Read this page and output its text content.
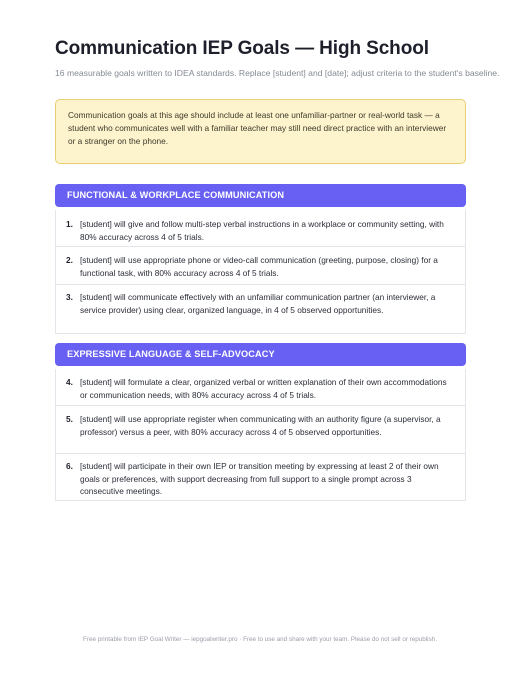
Communication IEP Goals — High School
16 measurable goals written to IDEA standards. Replace [student] and [date]; adjust criteria to the student's baseline.
Communication goals at this age should include at least one unfamiliar-partner or real-world task — a student who communicates well with a familiar teacher may still need direct practice with an interviewer or a stranger on the phone.
FUNCTIONAL & WORKPLACE COMMUNICATION
1. [student] will give and follow multi-step verbal instructions in a workplace or community setting, with 80% accuracy across 4 of 5 trials.
2. [student] will use appropriate phone or video-call communication (greeting, purpose, closing) for a functional task, with 80% accuracy across 4 of 5 trials.
3. [student] will communicate effectively with an unfamiliar communication partner (an interviewer, a service provider) using clear, organized language, in 4 of 5 observed opportunities.
EXPRESSIVE LANGUAGE & SELF-ADVOCACY
4. [student] will formulate a clear, organized verbal or written explanation of their own accommodations or communication needs, with 80% accuracy across 4 of 5 trials.
5. [student] will use appropriate register when communicating with an authority figure (a supervisor, a professor) versus a peer, with 80% accuracy across 4 of 5 observed opportunities.
6. [student] will participate in their own IEP or transition meeting by expressing at least 2 of their own goals or preferences, with support decreasing from full support to a single prompt across 3 consecutive meetings.
Free printable from IEP Goal Writer — iepgoalwriter.pro · Free to use and share with your team. Please do not sell or republish.
